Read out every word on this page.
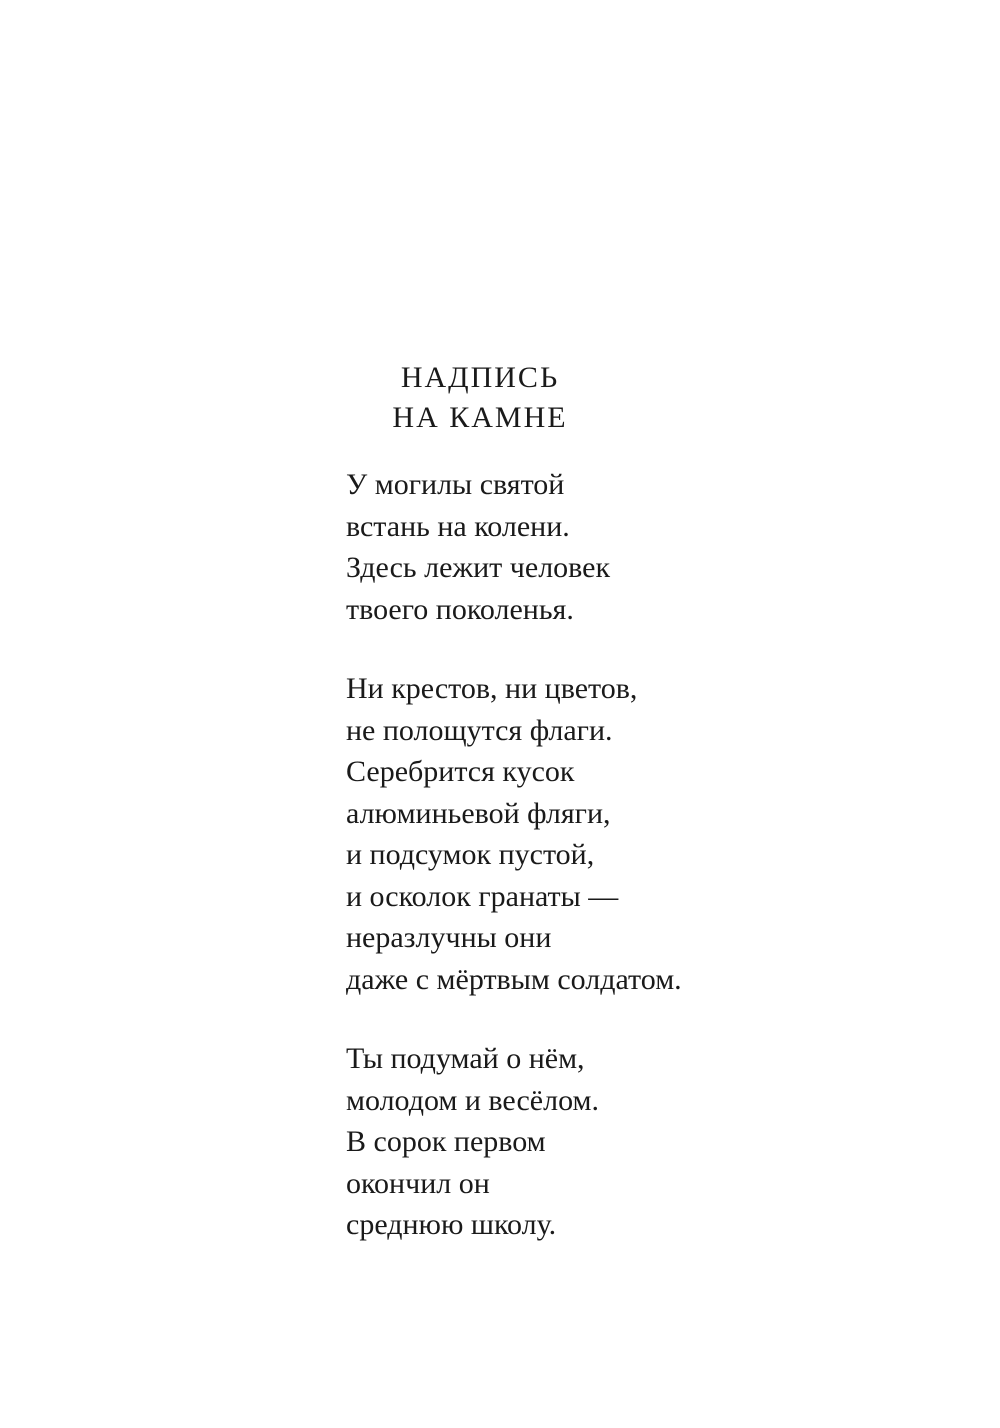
НАДПИСЬ
НА КАМНЕ
У могилы святой
встань на колени.
Здесь лежит человек
твоего поколенья.
Ни крестов, ни цветов,
не полощутся флаги.
Серебрится кусок
алюминьевой фляги,
и подсумок пустой,
и осколок гранаты —
неразлучны они
даже с мёртвым солдатом.
Ты подумай о нём,
молодом и весёлом.
В сорок первом
окончил он
среднюю школу.
